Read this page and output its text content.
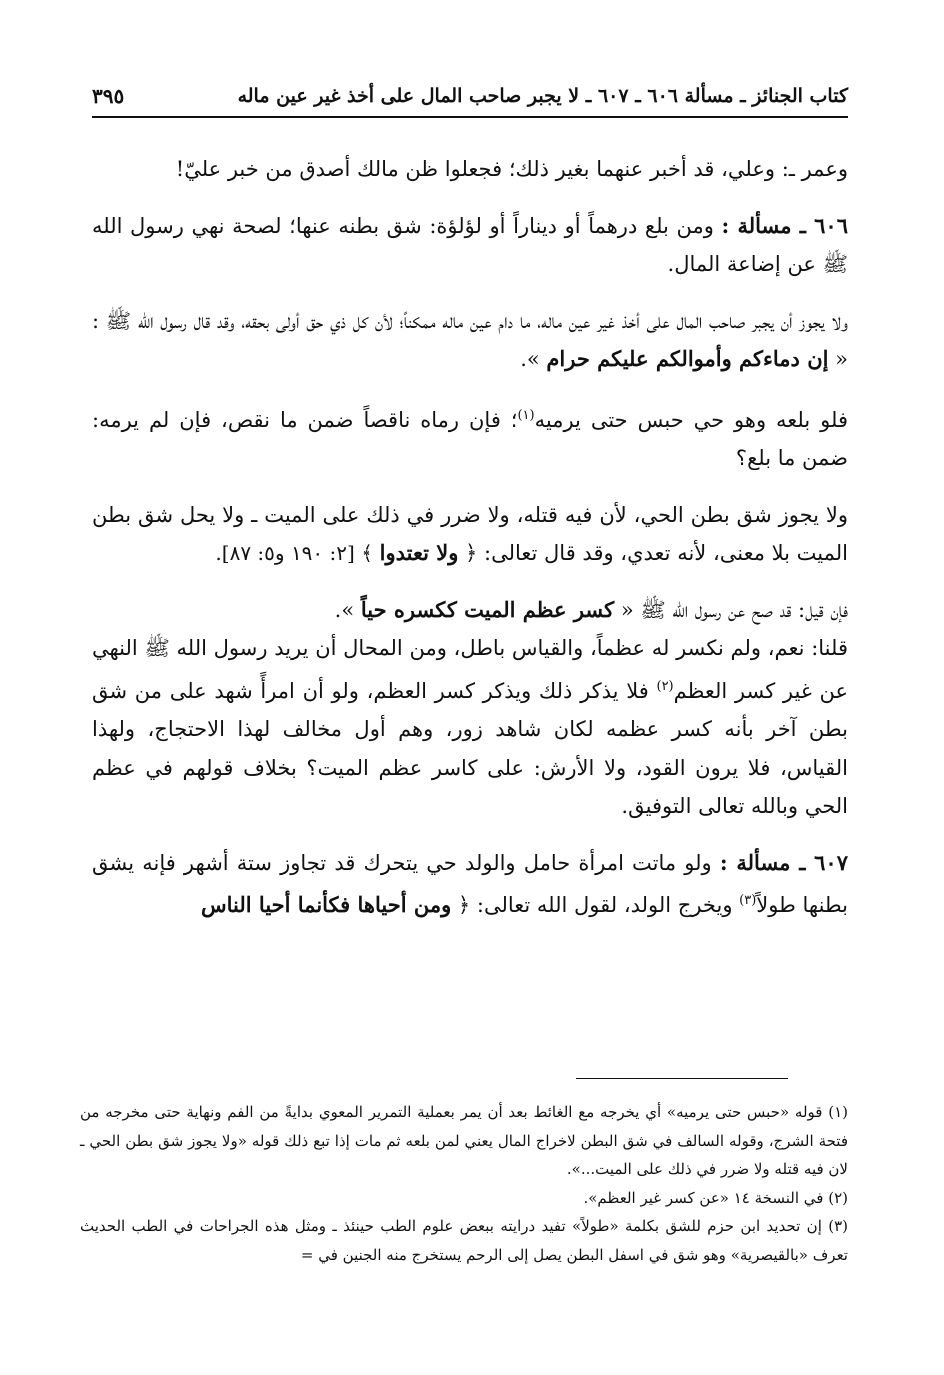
كتاب الجنائز ـ مسألة ٦٠٦ ـ ٦٠٧ ـ لا يجبر صاحب المال على أخذ غير عين ماله
٣٩٥

وعمر ـ: وعلي، قد أخبر عنهما بغير ذلك؛ فجعلوا ظن مالك أصدق من خبر عليّ!

٦٠٦ ـ مسألة : ومن بلع درهماً أو ديناراً أو لؤلؤة: شق بطنه عنها؛ لصحة نهي رسول الله ﷺ عن إضاعة المال.

ولا يجوز أن يجبر صاحب المال على أخذ غير عين ماله، ما دام عين ماله ممكناً؛ لأن كل ذي حق أولى بحقه، وقد قال رسول الله ﷺ : « إن دماءكم وأموالكم عليكم حرام ».

فلو بلعه وهو حي حبس حتى يرميه$^{(١)}$؛ فإن رماه ناقصاً ضمن ما نقص، فإن لم يرمه: ضمن ما بلع؟

ولا يجوز شق بطن الحي، لأن فيه قتله، ولا ضرر في ذلك على الميت ـ ولا يحل شق بطن الميت بلا معنى، لأنه تعدي، وقد قال تعالى: ﴿ ولا تعتدوا ﴾ [٢: ١٩٠ و٥: ٨٧].

فإن قيل: قد صح عن رسول الله ﷺ « كسر عظم الميت ككسره حياً ».

قلنا: نعم، ولم نكسر له عظماً، والقياس باطل، ومن المحال أن يريد رسول الله ﷺ النهي عن غير كسر العظم$^{(٢)}$ فلا يذكر ذلك ويذكر كسر العظم، ولو أن امرأً شهد على من شق بطن آخر بأنه كسر عظمه لكان شاهد زور، وهم أول مخالف لهذا الاحتجاج، ولهذا القياس، فلا يرون القود، ولا الأرش: على كاسر عظم الميت؟ بخلاف قولهم في عظم الحي وبالله تعالى التوفيق.

٦٠٧ ـ مسألة : ولو ماتت امرأة حامل والولد حي يتحرك قد تجاوز ستة أشهر فإنه يشق بطنها طولاً$^{(٣)}$ ويخرج الولد، لقول الله تعالى: ﴿ ومن أحياها فكأنما أحيا الناس

(١) قوله «حبس حتى يرميه» أي يخرجه مع الغائط بعد أن يمر بعملية التمرير المعوي بدايةً من الفم ونهاية حتى مخرجه من فتحة الشرج، وقوله السالف في شق البطن لاخراج المال يعني لمن بلعه ثم مات إذا تبع ذلك قوله «ولا يجوز شق بطن الحي ـ لان فيه قتله ولا ضرر في ذلك على الميت...».

(٢) في النسخة ١٤ «عن كسر غير العظم».

(٣) إن تحديد ابن حزم للشق بكلمة «طولاً» تفيد درايته ببعض علوم الطب حينئذ ـ ومثل هذه الجراحات في الطب الحديث تعرف «بالقيصرية» وهو شق في اسفل البطن يصل إلى الرحم يستخرج منه الجنين في =
